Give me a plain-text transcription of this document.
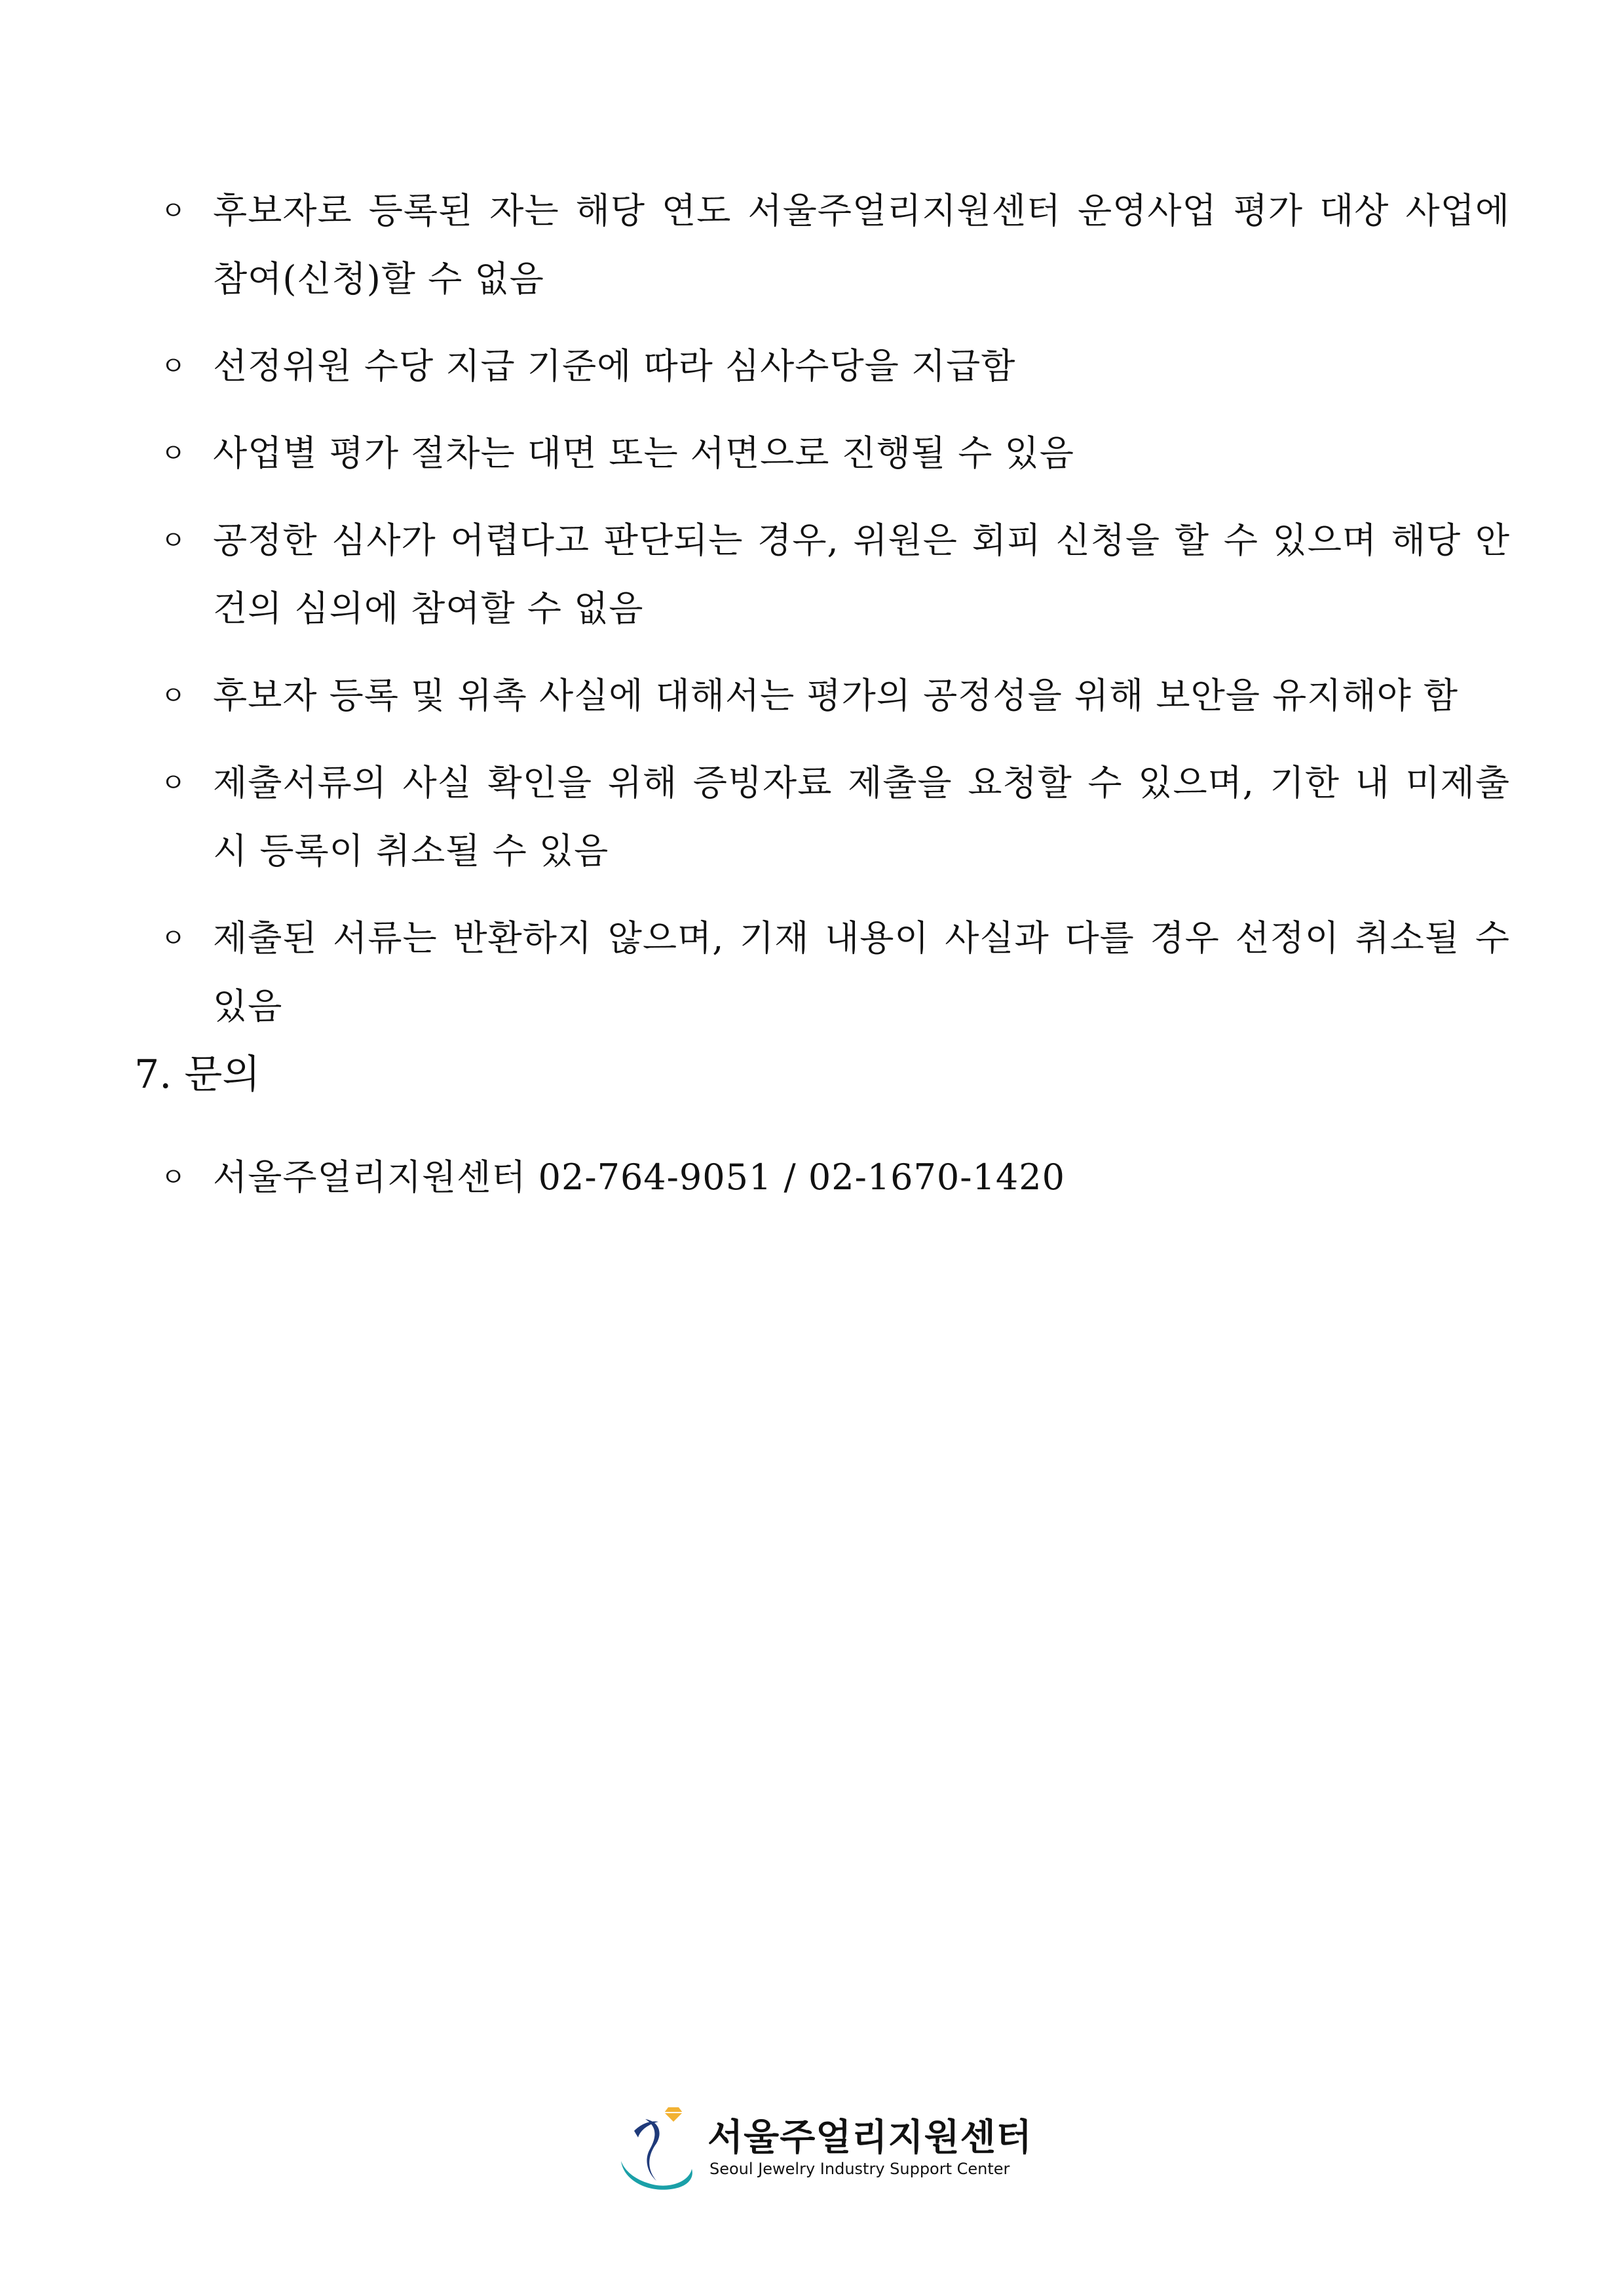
ㅇ 후보자로 등록된 자는 해당 연도 서울주얼리지원센터 운영사업 평가 대상 사업에 참여(신청)할 수 없음
ㅇ 선정위원 수당 지급 기준에 따라 심사수당을 지급함
ㅇ 사업별 평가 절차는 대면 또는 서면으로 진행될 수 있음
ㅇ 공정한 심사가 어렵다고 판단되는 경우, 위원은 회피 신청을 할 수 있으며 해당 안건의 심의에 참여할 수 없음
ㅇ 후보자 등록 및 위촉 사실에 대해서는 평가의 공정성을 위해 보안을 유지해야 함
ㅇ 제출서류의 사실 확인을 위해 증빙자료 제출을 요청할 수 있으며, 기한 내 미제출 시 등록이 취소될 수 있음
ㅇ 제출된 서류는 반환하지 않으며, 기재 내용이 사실과 다를 경우 선정이 취소될 수 있음
7. 문의
ㅇ 서울주얼리지원센터 02-764-9051 / 02-1670-1420
서울주얼리지원센터
Seoul Jewelry Industry Support Center
